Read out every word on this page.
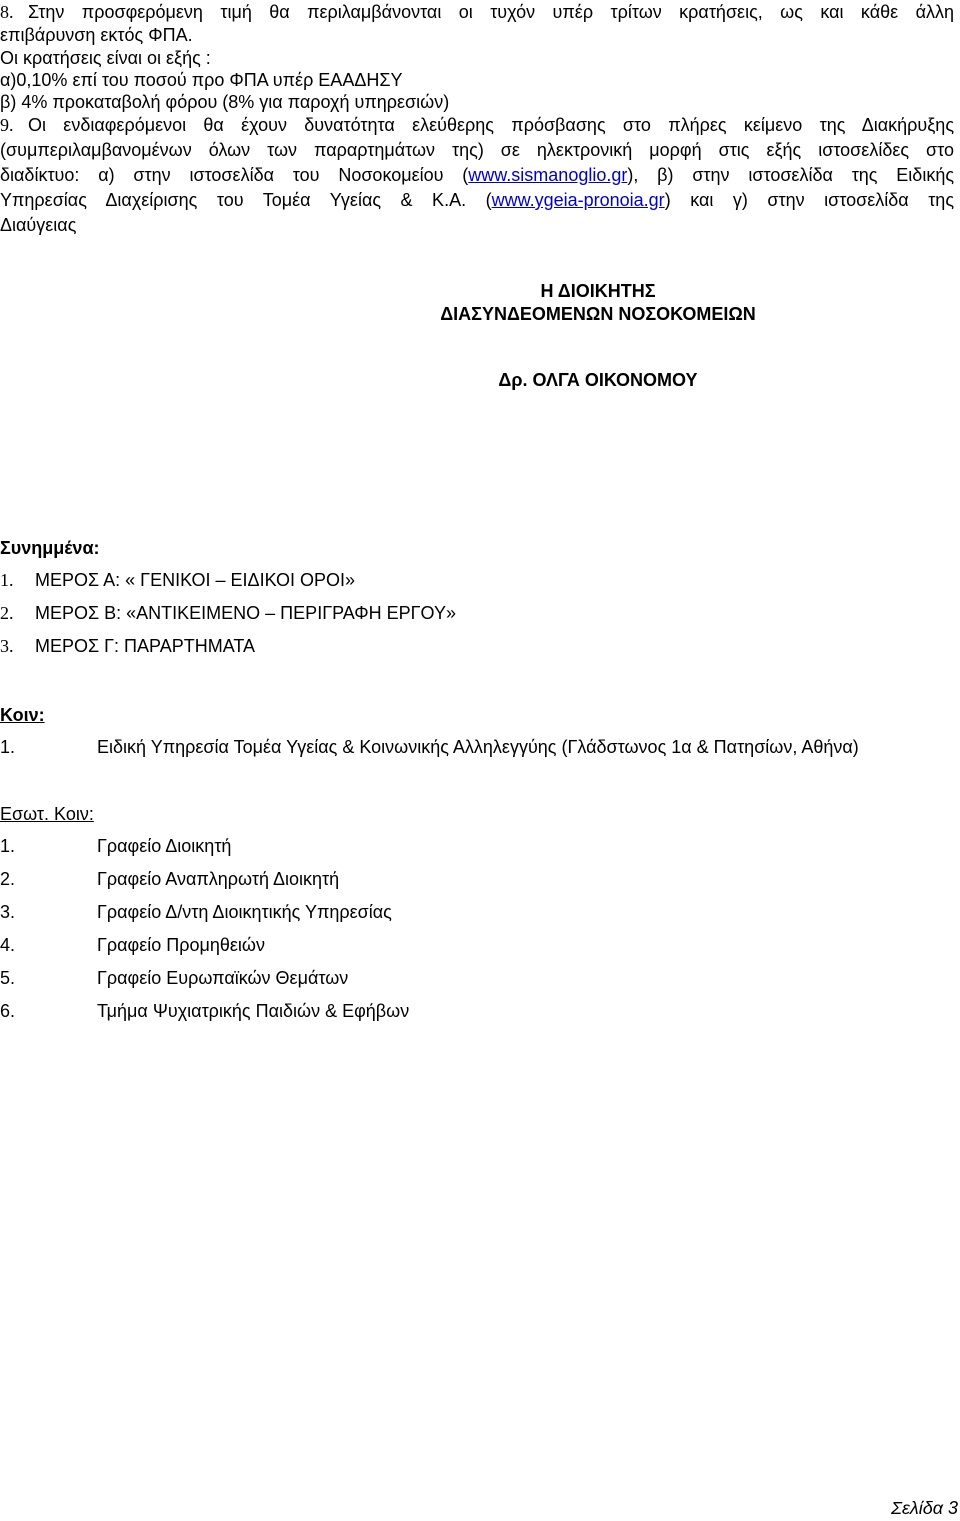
8. Στην προσφερόμενη τιμή θα περιλαμβάνονται οι τυχόν υπέρ τρίτων κρατήσεις, ως και κάθε άλλη
επιβάρυνση εκτός ΦΠΑ.
Οι κρατήσεις είναι οι εξής :
α)0,10% επί του ποσού προ ΦΠΑ υπέρ ΕΑΑΔΗΣΥ
β) 4% προκαταβολή φόρου (8% για παροχή υπηρεσιών)
9. Οι ενδιαφερόμενοι θα έχουν δυνατότητα ελεύθερης πρόσβασης στο πλήρες κείμενο της Διακήρυξης
(συμπεριλαμβανομένων όλων των παραρτημάτων της) σε ηλεκτρονική μορφή στις εξής ιστοσελίδες στο
διαδίκτυο: α) στην ιστοσελίδα του Νοσοκομείου (www.sismanoglio.gr), β) στην ιστοσελίδα της Ειδικής
Υπηρεσίας Διαχείρισης του Τομέα Υγείας & Κ.Α. (www.ygeia-pronoia.gr) και γ) στην ιστοσελίδα της
Διαύγειας
Η ΔΙΟΙΚΗΤΗΣ
ΔΙΑΣΥΝΔΕΟΜΕΝΩΝ ΝΟΣΟΚΟΜΕΙΩΝ
Δρ. ΟΛΓΑ ΟΙΚΟΝΟΜΟΥ
Συνημμένα:
1. ΜΕΡΟΣ Α: « ΓΕΝΙΚΟΙ – ΕΙΔΙΚΟΙ ΟΡΟΙ»
2. ΜΕΡΟΣ Β: «ΑΝΤΙΚΕΙΜΕΝΟ – ΠΕΡΙΓΡΑΦΗ ΕΡΓΟΥ»
3. ΜΕΡΟΣ Γ: ΠΑΡΑΡΤΗΜΑΤΑ
Κοιν:
1.	Ειδική Υπηρεσία Τομέα Υγείας & Κοινωνικής Αλληλεγγύης (Γλάδστωνος 1α & Πατησίων, Αθήνα)
Εσωτ. Κοιν:
1.	Γραφείο Διοικητή
2.	Γραφείο Αναπληρωτή Διοικητή
3.	Γραφείο Δ/ντη Διοικητικής Υπηρεσίας
4.	Γραφείο Προμηθειών
5.	Γραφείο Ευρωπαϊκών Θεμάτων
6.	Τμήμα Ψυχιατρικής Παιδιών & Εφήβων
Σελίδα 3
